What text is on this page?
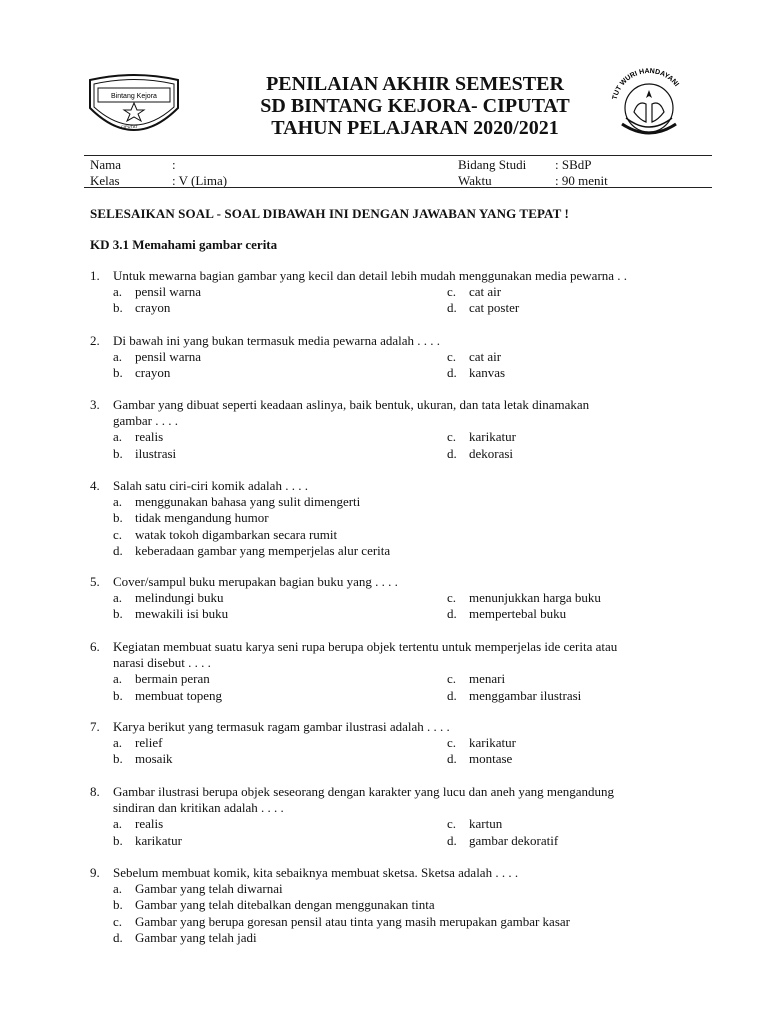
Bintang Kejora
CIPUTAT
PENILAIAN AKHIR SEMESTER
SD BINTANG KEJORA- CIPUTAT
TAHUN PELAJARAN 2020/2021
TUT WURI HANDAYANI
Nama	:	Bidang Studi : SBdP
Kelas	: V (Lima)	Waktu	: 90 menit
SELESAIKAN SOAL - SOAL DIBAWAH INI DENGAN JAWABAN YANG TEPAT !
KD 3.1 Memahami gambar cerita
1. Untuk mewarna bagian gambar yang kecil dan detail lebih mudah menggunakan media pewarna . .
a. pensil warna
b. crayon
c. cat air
d. cat poster
2. Di bawah ini yang bukan termasuk media pewarna adalah . . . .
a. pensil warna
b. crayon
c. cat air
d. kanvas
3. Gambar yang dibuat seperti keadaan aslinya, baik bentuk, ukuran, dan tata letak dinamakan
gambar . . . .
a. realis
b. ilustrasi
c. karikatur
d. dekorasi
4. Salah satu ciri-ciri komik adalah . . . .
a. menggunakan bahasa yang sulit dimengerti
b. tidak mengandung humor
c. watak tokoh digambarkan secara rumit
d. keberadaan gambar yang memperjelas alur cerita
5. Cover/sampul buku merupakan bagian buku yang . . . .
a. melindungi buku
b. mewakili isi buku
c. menunjukkan harga buku
d. mempertebal buku
6. Kegiatan membuat suatu karya seni rupa berupa objek tertentu untuk memperjelas ide cerita atau
narasi disebut . . . .
a. bermain peran
b. membuat topeng
c. menari
d. menggambar ilustrasi
7. Karya berikut yang termasuk ragam gambar ilustrasi adalah . . . .
a. relief
b. mosaik
c. karikatur
d. montase
8. Gambar ilustrasi berupa objek seseorang dengan karakter yang lucu dan aneh yang mengandung
sindiran dan kritikan adalah . . . .
a. realis
b. karikatur
c. kartun
d. gambar dekoratif
9. Sebelum membuat komik, kita sebaiknya membuat sketsa. Sketsa adalah . . . .
a. Gambar yang telah diwarnai
b. Gambar yang telah ditebalkan dengan menggunakan tinta
c. Gambar yang berupa goresan pensil atau tinta yang masih merupakan gambar kasar
d. Gambar yang telah jadi
